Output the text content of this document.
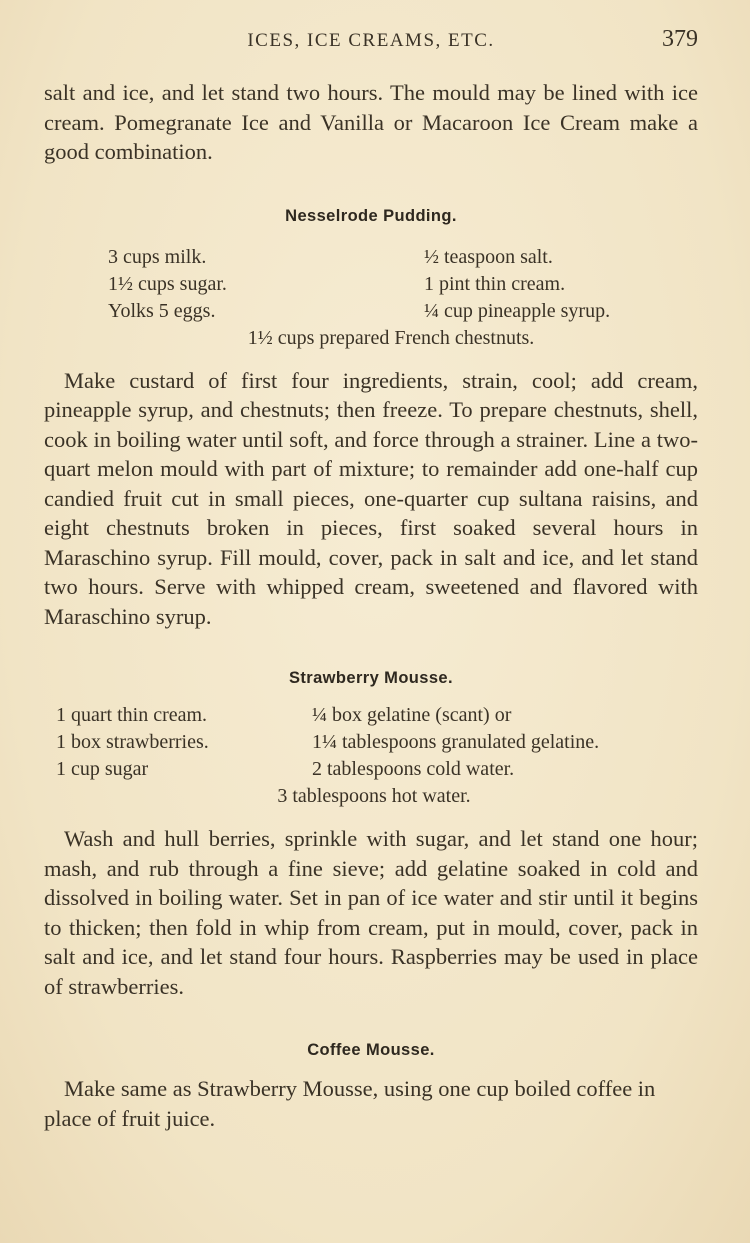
ICES, ICE CREAMS, ETC.	379

salt and ice, and let stand two hours. The mould may be lined with ice cream. Pomegranate Ice and Vanilla or Macaroon Ice Cream make a good combination.

Nesselrode Pudding.
3 cups milk.	½ teaspoon salt.
1½ cups sugar.	1 pint thin cream.
Yolks 5 eggs.	¼ cup pineapple syrup.
1½ cups prepared French chestnuts.

Make custard of first four ingredients, strain, cool; add cream, pineapple syrup, and chestnuts; then freeze. To prepare chestnuts, shell, cook in boiling water until soft, and force through a strainer. Line a two-quart melon mould with part of mixture; to remainder add one-half cup candied fruit cut in small pieces, one-quarter cup sultana raisins, and eight chestnuts broken in pieces, first soaked several hours in Maraschino syrup. Fill mould, cover, pack in salt and ice, and let stand two hours. Serve with whipped cream, sweetened and flavored with Maraschino syrup.

Strawberry Mousse.
1 quart thin cream.	¼ box gelatine (scant) or
1 box strawberries.	1¼ tablespoons granulated gelatine.
1 cup sugar	2 tablespoons cold water.
3 tablespoons hot water.

Wash and hull berries, sprinkle with sugar, and let stand one hour; mash, and rub through a fine sieve; add gelatine soaked in cold and dissolved in boiling water. Set in pan of ice water and stir until it begins to thicken; then fold in whip from cream, put in mould, cover, pack in salt and ice, and let stand four hours. Raspberries may be used in place of strawberries.

Coffee Mousse.

Make same as Strawberry Mousse, using one cup boiled coffee in place of fruit juice.
